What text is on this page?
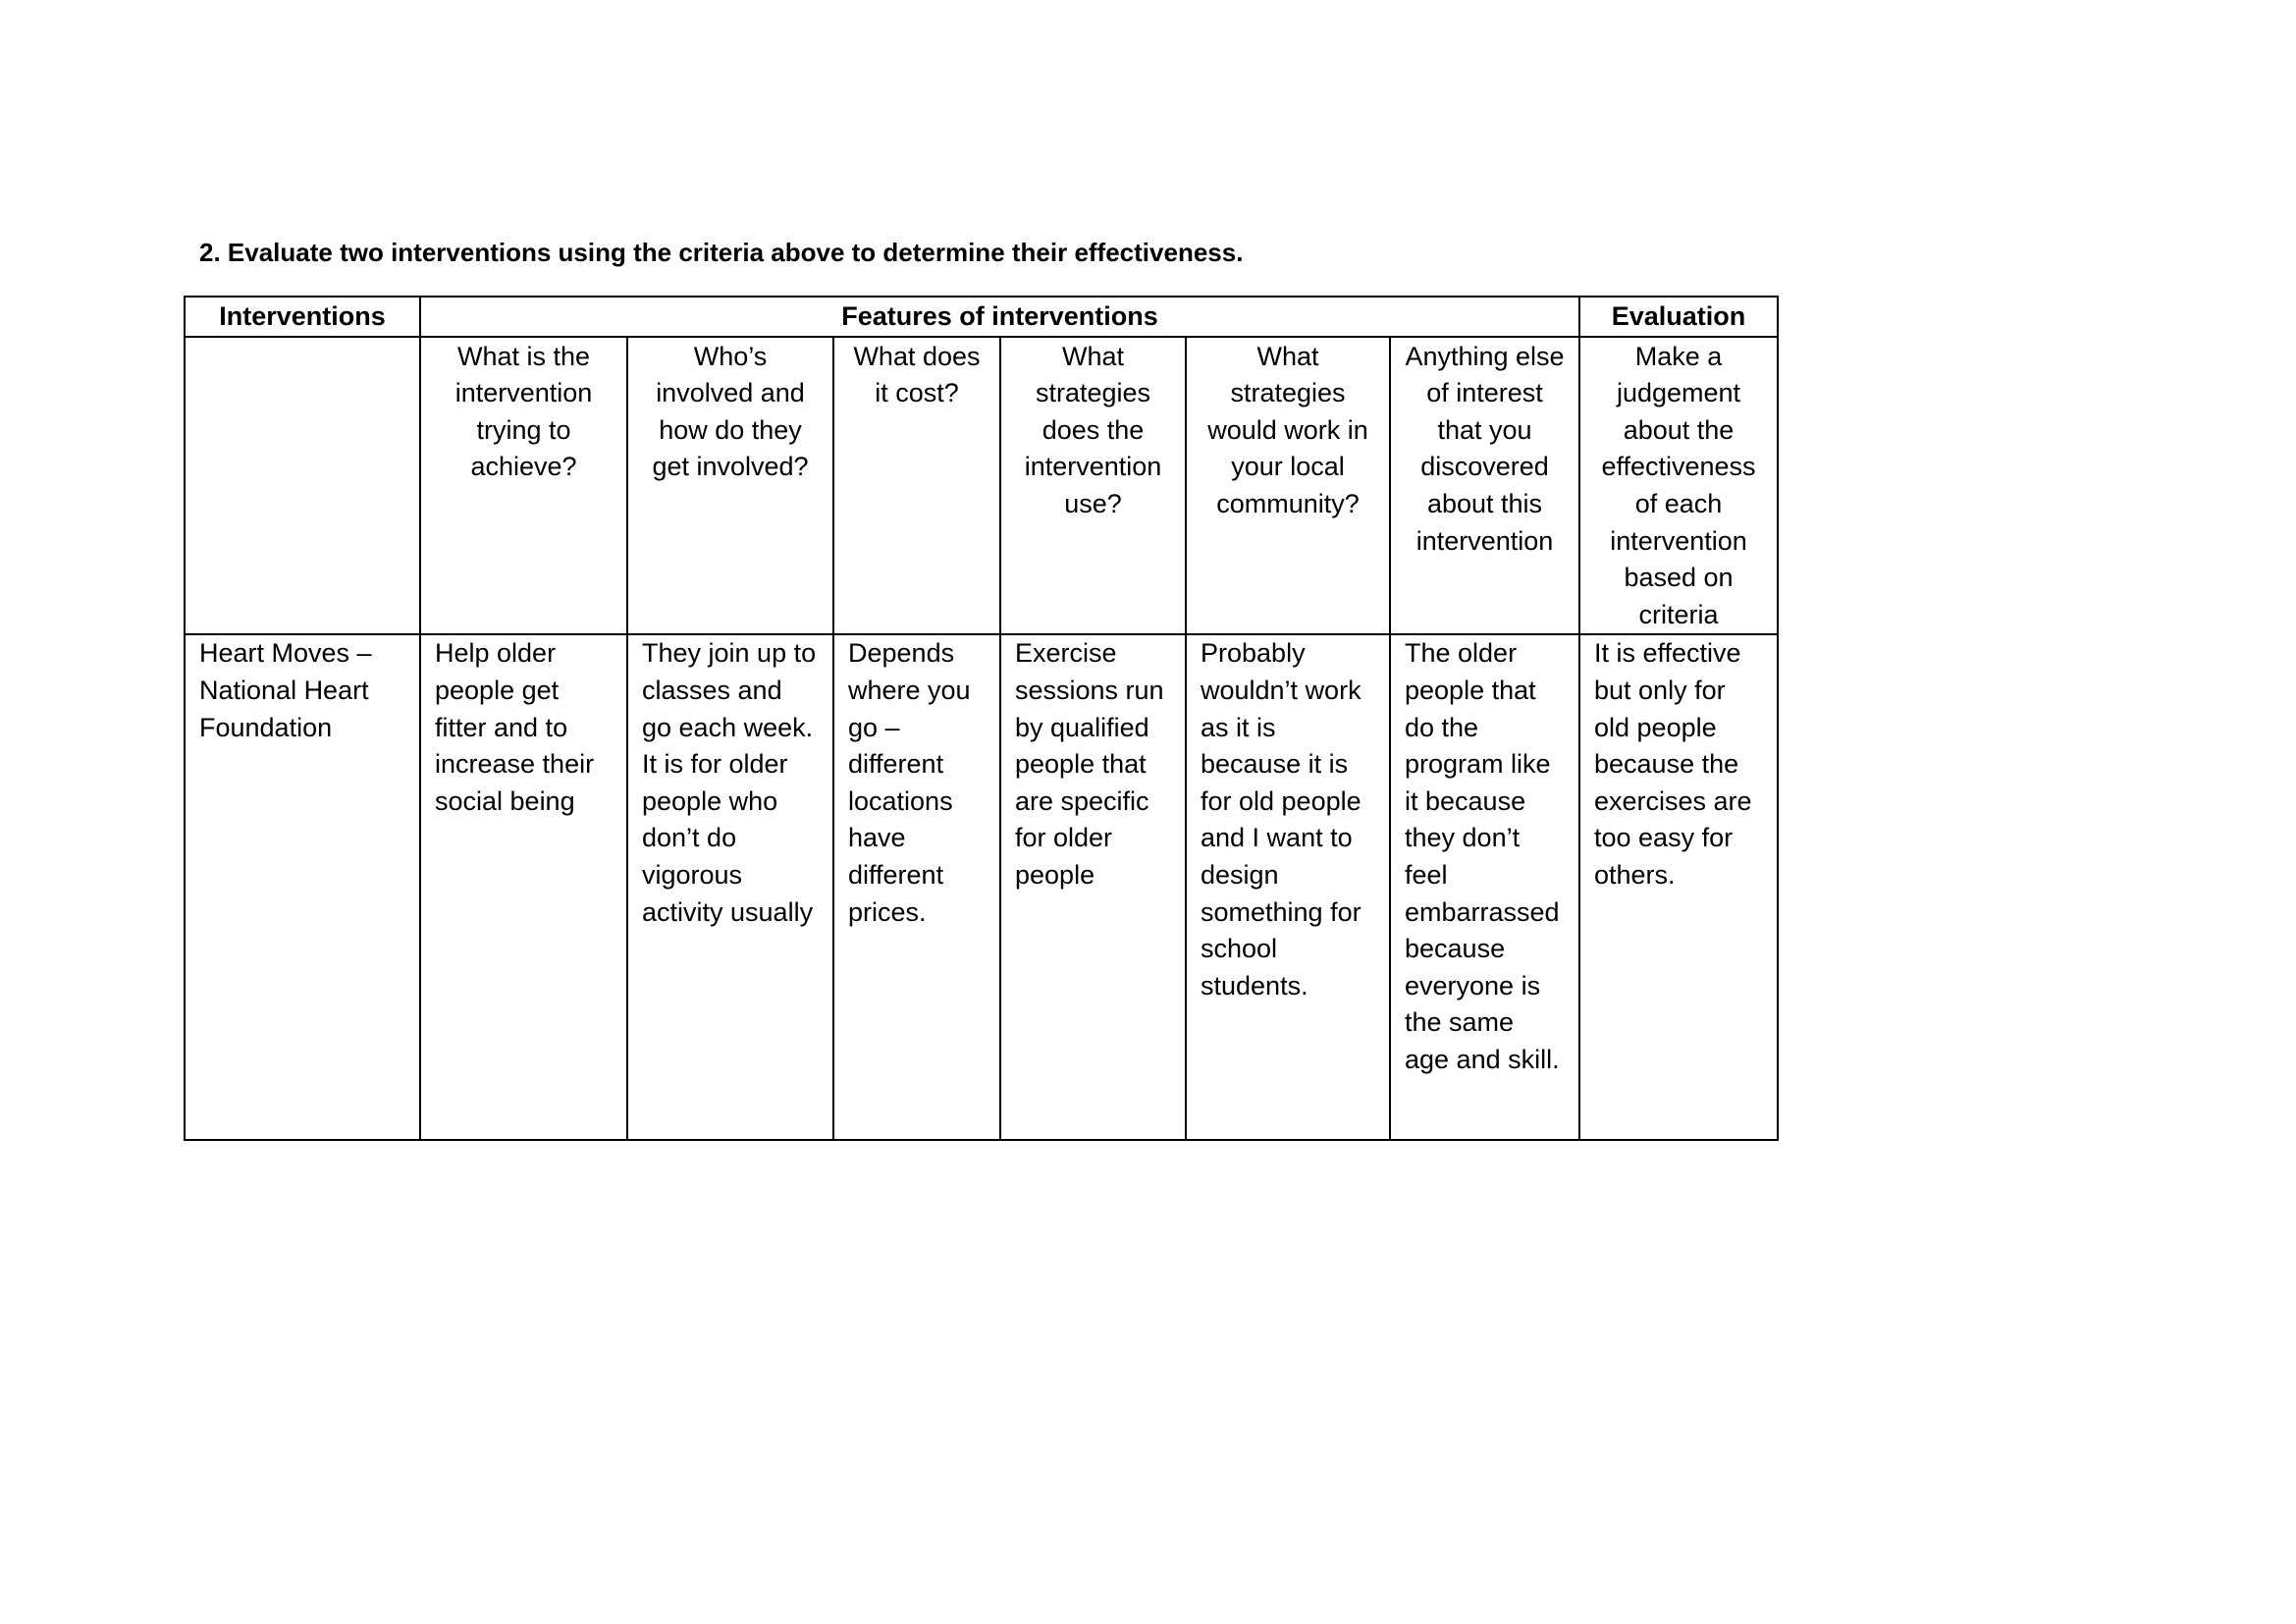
2. Evaluate two interventions using the criteria above to determine their effectiveness.
Interventions	Features of interventions						Evaluation
	What is the intervention trying to achieve?	Who’s involved and how do they get involved?	What does it cost?	What strategies does the intervention use?	What strategies would work in your local community?	Anything else of interest that you discovered about this intervention	Make a judgement about the effectiveness of each intervention based on criteria
Heart Moves – National Heart Foundation	Help older people get fitter and to increase their social being	They join up to classes and go each week. It is for older people who don’t do vigorous activity usually	Depends where you go – different locations have different prices.	Exercise sessions run by qualified people that are specific for older people	Probably wouldn’t work as it is because it is for old people and I want to design something for school students.	The older people that do the program like it because they don’t feel embarrassed because everyone is the same age and skill.	It is effective but only for old people because the exercises are too easy for others.
